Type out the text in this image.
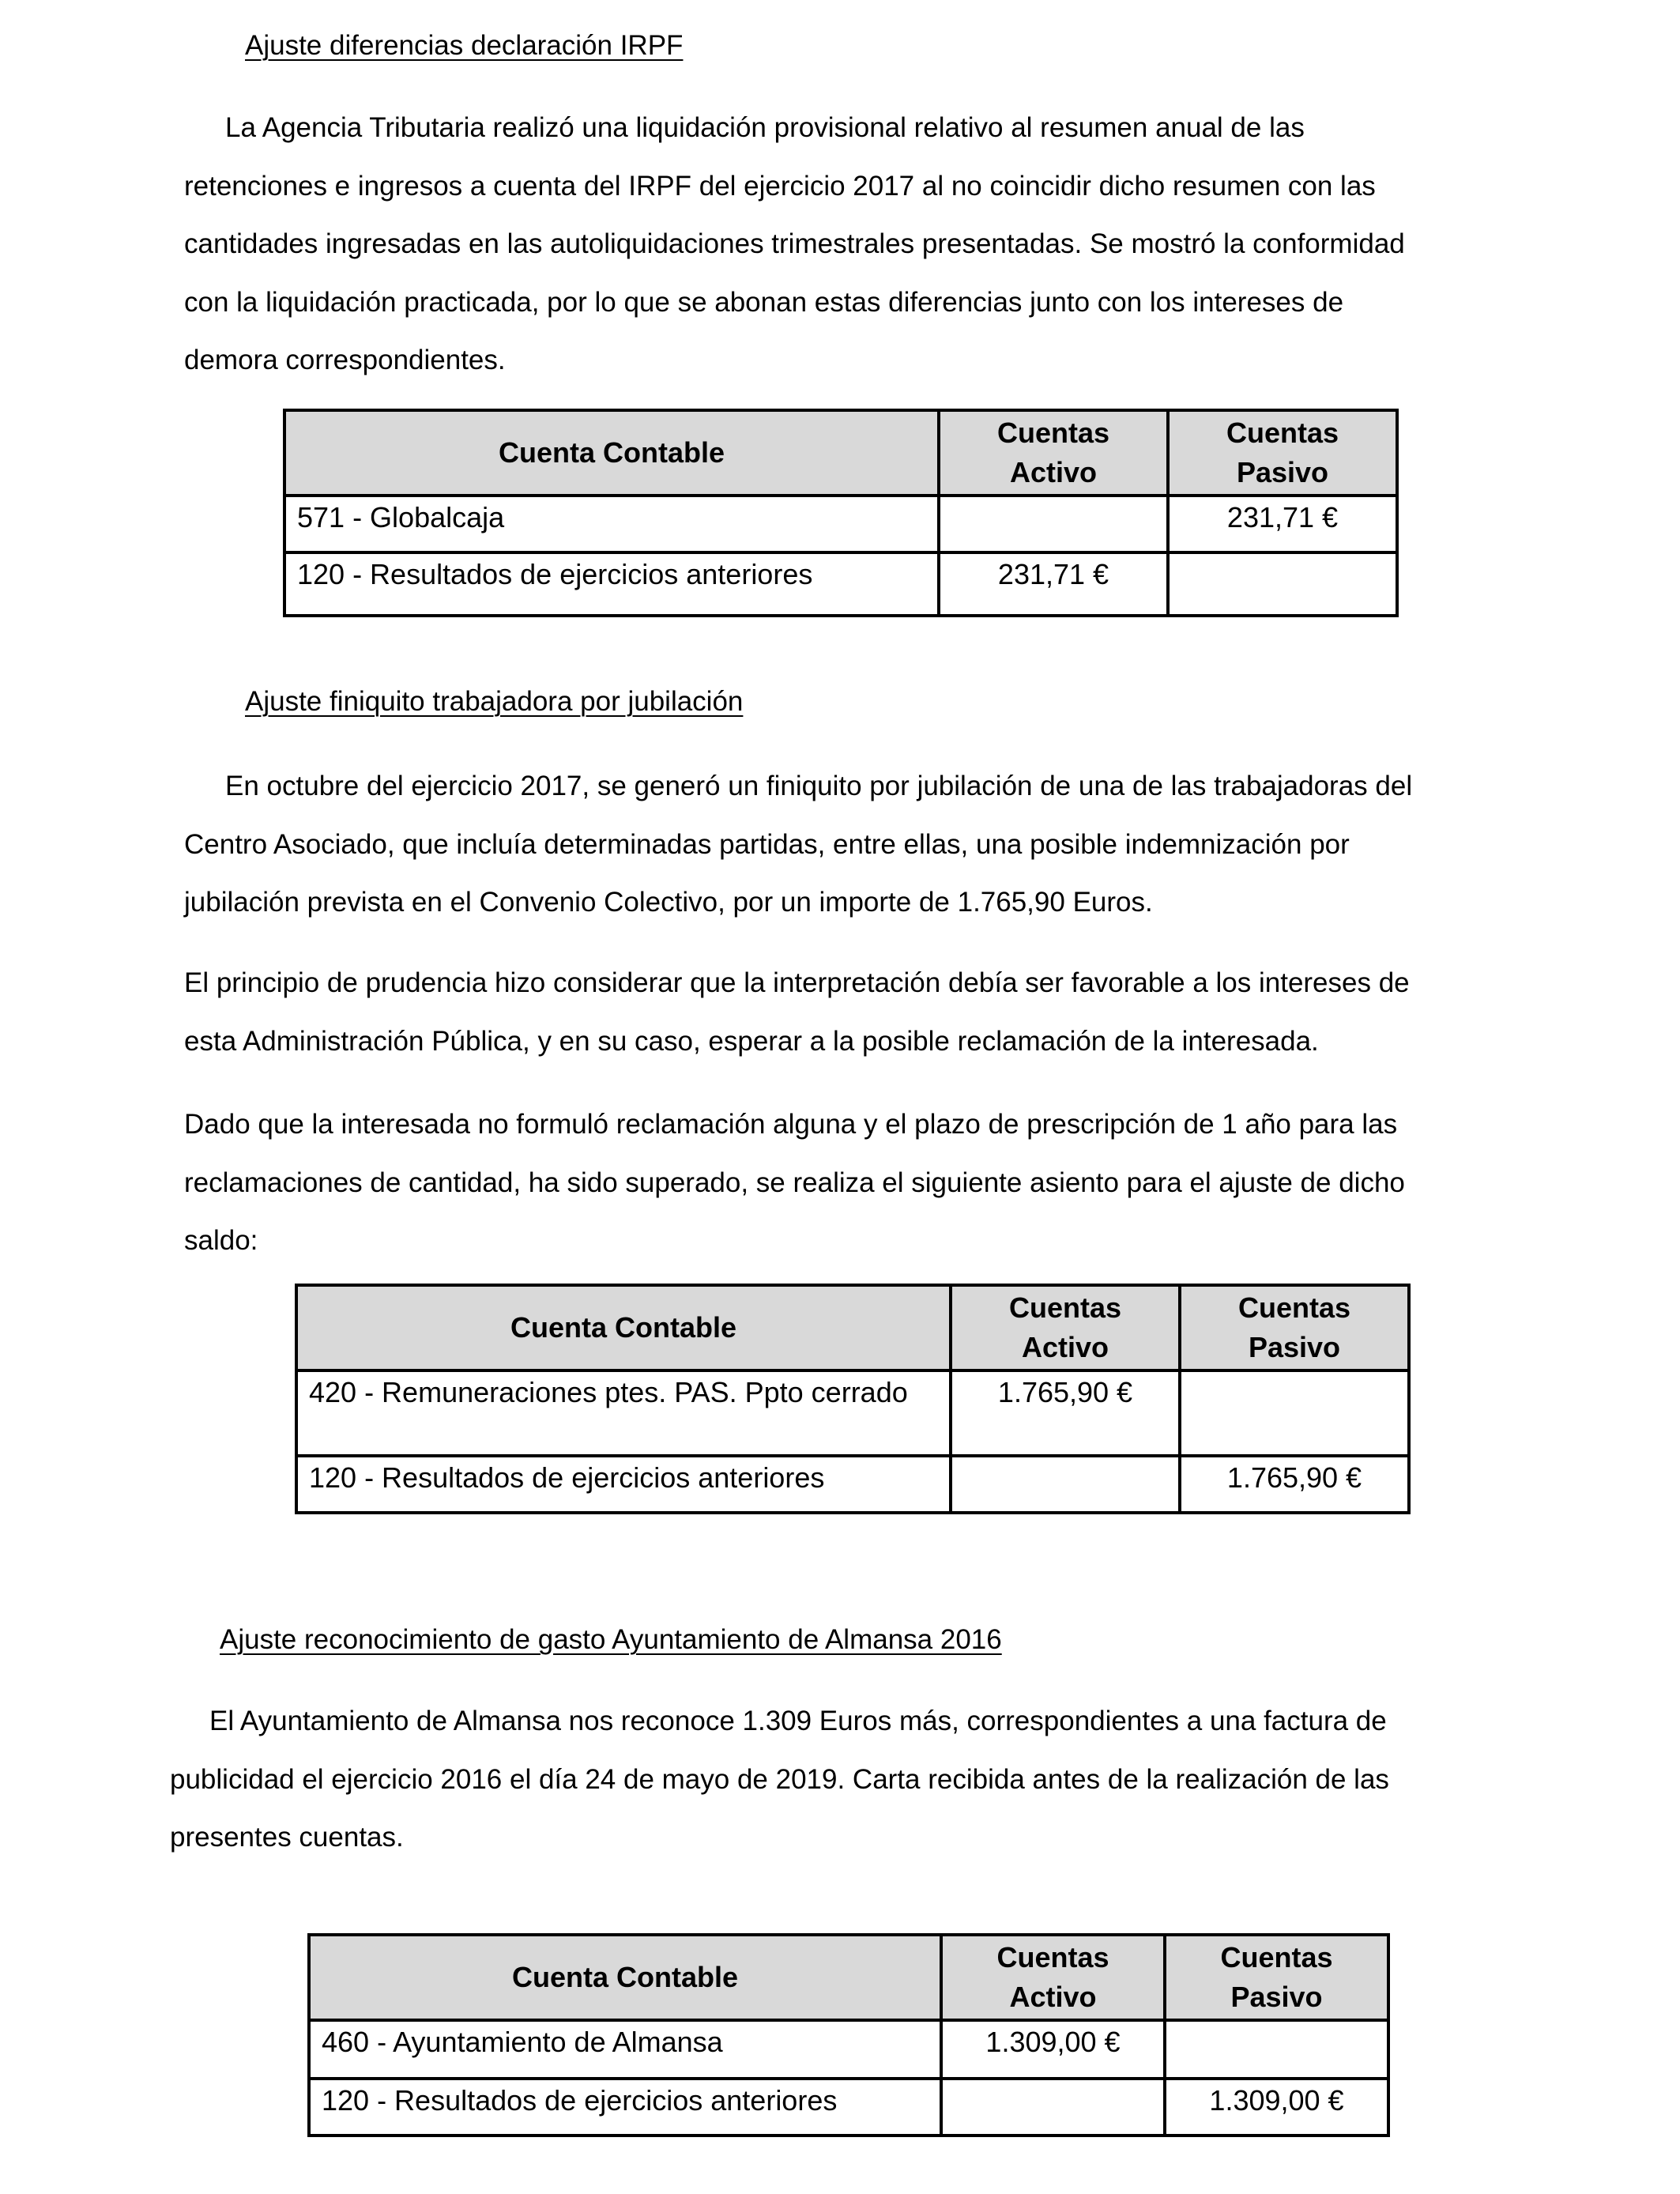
Ajuste diferencias declaración IRPF

La Agencia Tributaria realizó una liquidación provisional relativo al resumen anual de las
retenciones e ingresos a cuenta del IRPF del ejercicio 2017 al no coincidir dicho resumen con las
cantidades ingresadas en las autoliquidaciones trimestrales presentadas. Se mostró la conformidad
con la liquidación practicada, por lo que se abonan estas diferencias junto con los intereses de
demora correspondientes.

Cuenta Contable	Cuentas Activo	Cuentas Pasivo
571 - Globalcaja		231,71 €
120 - Resultados de ejercicios anteriores	231,71 €	
Ajuste finiquito trabajadora por jubilación

En octubre del ejercicio 2017, se generó un finiquito por jubilación de una de las trabajadoras del
Centro Asociado, que incluía determinadas partidas, entre ellas, una posible indemnización por
jubilación prevista en el Convenio Colectivo, por un importe de 1.765,90 Euros.

El principio de prudencia hizo considerar que la interpretación debía ser favorable a los intereses de
esta Administración Pública, y en su caso, esperar a la posible reclamación de la interesada.

Dado que la interesada no formuló reclamación alguna y el plazo de prescripción de 1 año para las
reclamaciones de cantidad, ha sido superado, se realiza el siguiente asiento para el ajuste de dicho
saldo:

Cuenta Contable	Cuentas Activo	Cuentas Pasivo
420 - Remuneraciones ptes. PAS. Ppto cerrado	1.765,90 €	
120 - Resultados de ejercicios anteriores		1.765,90 €
Ajuste reconocimiento de gasto Ayuntamiento de Almansa 2016

El Ayuntamiento de Almansa nos reconoce 1.309 Euros más, correspondientes a una factura de
publicidad el ejercicio 2016 el día 24 de mayo de 2019. Carta recibida antes de la realización de las
presentes cuentas.

Cuenta Contable	Cuentas Activo	Cuentas Pasivo
460 - Ayuntamiento de Almansa	1.309,00 €	
120 - Resultados de ejercicios anteriores		1.309,00 €
